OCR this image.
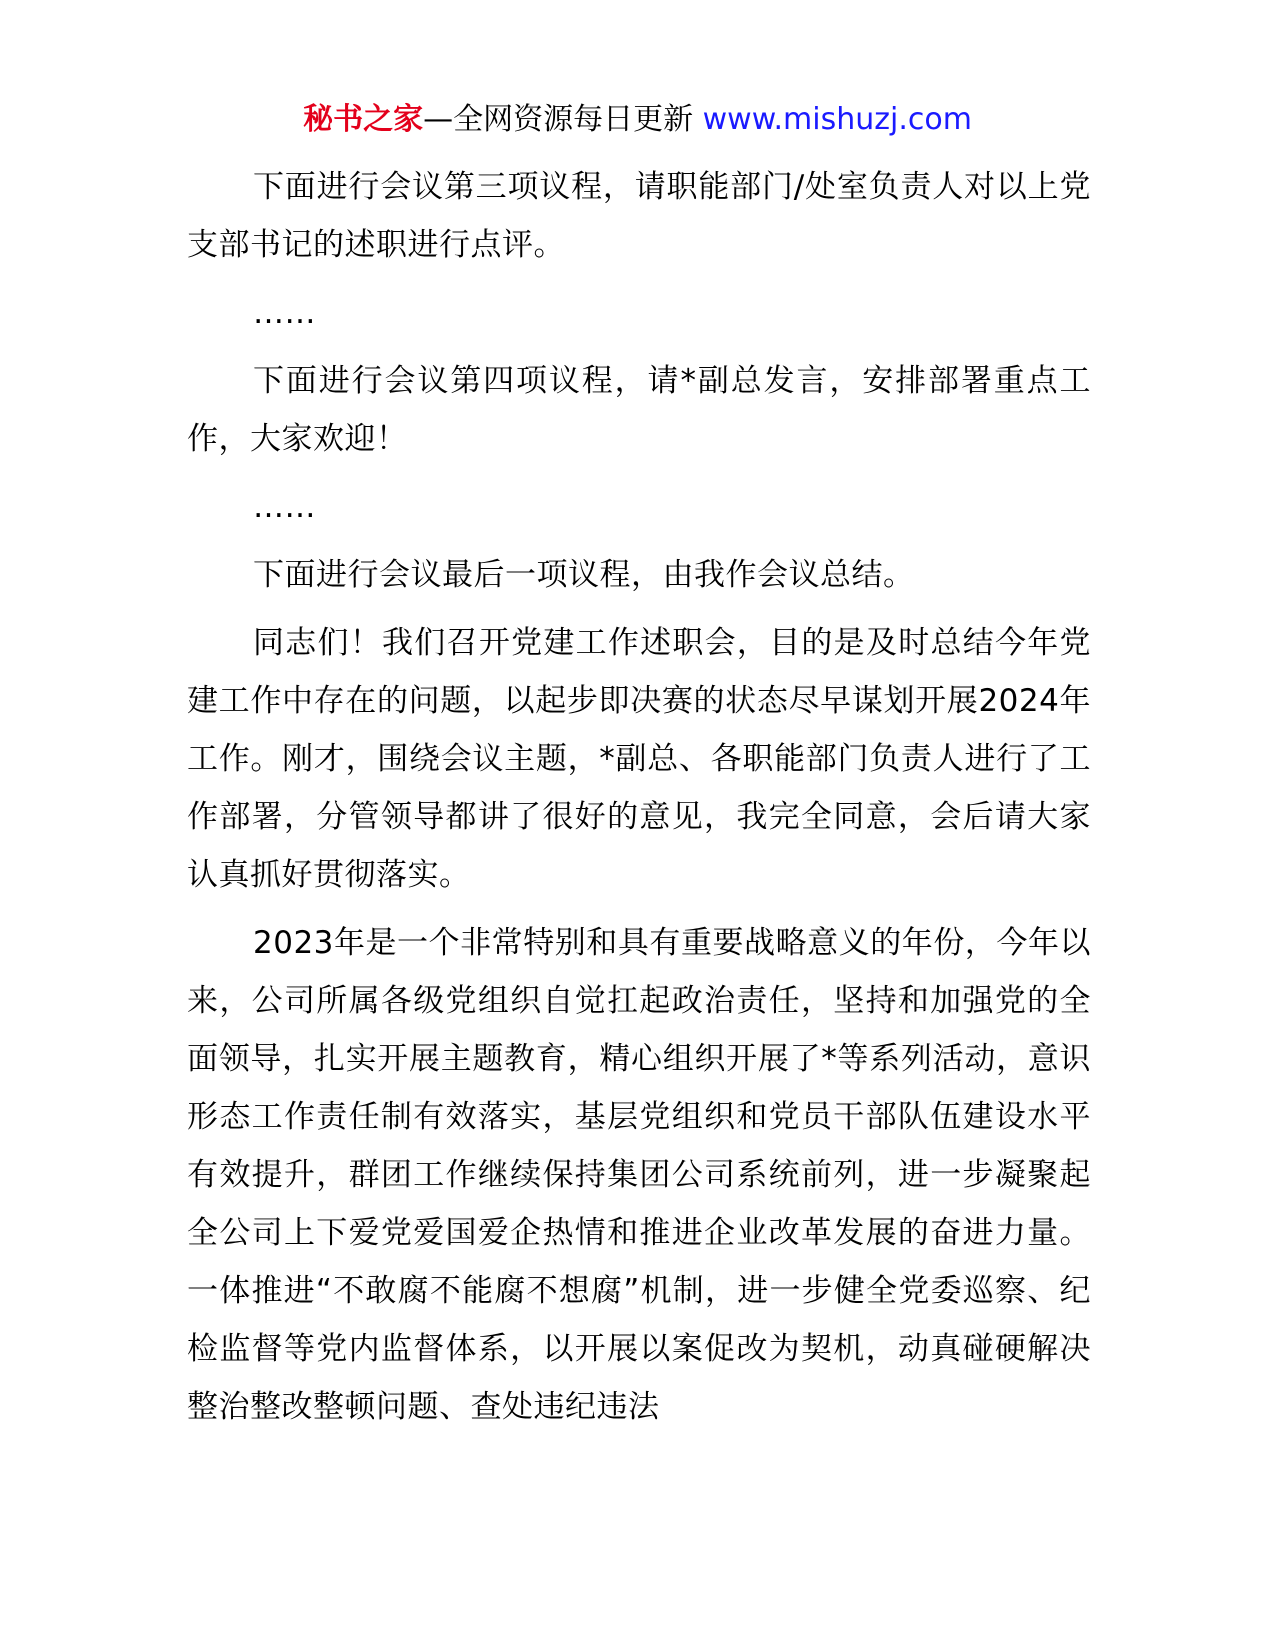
秘书之家—全网资源每日更新 www.mishuzj.com

下面进行会议第三项议程，请职能部门/处室负责人对以上党支部书记的述职进行点评。

……

下面进行会议第四项议程，请*副总发言，安排部署重点工作，大家欢迎！

……

下面进行会议最后一项议程，由我作会议总结。

同志们！我们召开党建工作述职会，目的是及时总结今年党建工作中存在的问题，以起步即决赛的状态尽早谋划开展2024年工作。刚才，围绕会议主题，*副总、各职能部门负责人进行了工作部署，分管领导都讲了很好的意见，我完全同意，会后请大家认真抓好贯彻落实。

2023年是一个非常特别和具有重要战略意义的年份，今年以来，公司所属各级党组织自觉扛起政治责任，坚持和加强党的全面领导，扎实开展主题教育，精心组织开展了*等系列活动，意识形态工作责任制有效落实，基层党组织和党员干部队伍建设水平有效提升，群团工作继续保持集团公司系统前列，进一步凝聚起全公司上下爱党爱国爱企热情和推进企业改革发展的奋进力量。一体推进“不敢腐不能腐不想腐”机制，进一步健全党委巡察、纪检监督等党内监督体系，以开展以案促改为契机，动真碰硬解决整治整改整顿问题、查处违纪违法
